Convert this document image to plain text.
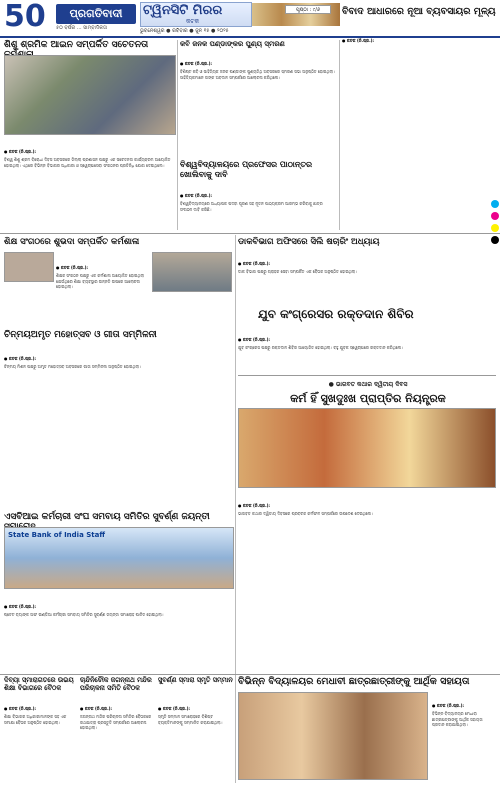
50	ପ୍ରଗତିବାଦୀ
୫୦ ବର୍ଷର ... ସାମ୍ବାଦିକତା
ଟ୍ୱିନସିଟି ମିରର
କଟକ
ପୃଷ୍ଠା : ୯/୬
ଭୁବନେଶ୍ୱର ● ରବିବାର ● ଜୁନ ୧୫ ● ୨୦୨୫
ବିବାଦ ଆଧାରରେ ନୂଆ ବ୍ୟବସାୟର ମୂଳ୍ୟ
ଶିଶୁ ଶ୍ରମିକ ଆଇନ ସମ୍ପର୍କିତ ସଚେତନତା
● କଟକ (ନି.ପ୍ର.):
ବିଶ୍ୱ ଶିଶୁ ଶ୍ରମ ବିରୋଧୀ ଦିବସ ଅବସରରେ ଜିଲ୍ଲା ପ୍ରଶାସନ ପକ୍ଷରୁ ଏକ ସଚେତନତା କାର୍ଯ୍ୟକ୍ରମ ଆୟୋଜିତ ହୋଇଥିଲା। ଏଥିରେ ବିଭିନ୍ନ ବିଭାଗର ଅଧିକାରୀ ଓ ସ୍ୱେଚ୍ଛାସେବୀ ସଂଗଠନର ପ୍ରତିନିଧି ଯୋଗ ଦେଇଥିଲେ।
କବି ଜନକ ପଣ୍ଡାଙ୍କର ପୁଣ୍ୟ ସ୍ମରଣ
● କଟକ (ନି.ପ୍ର.):
ବିଶିଷ୍ଟ କବି ଓ ସାହିତ୍ୟିକ ଜନକ ପଣ୍ଡାଙ୍କ ପୁଣ୍ୟତିଥି ଅବସରରେ ସ୍ମରଣ ସଭା ଅନୁଷ୍ଠିତ ହୋଇଥିଲା। ସାହିତ୍ୟିକମାନେ ତାଙ୍କ ଅବଦାନ ସମ୍ପର୍କରେ ଆଲୋଚନା କରିଥିଲେ।
ବିଶ୍ୱବିଦ୍ୟାଳୟରେ ପ୍ରଫେସର ପାଠାନ୍ତର ଖୋଲିବାକୁ ଦାବି
● କଟକ (ନି.ପ୍ର.):
ବିଶ୍ୱବିଦ୍ୟାଳୟରେ ଅଧ୍ୟାପକ ପଦବୀ ପୂରଣ ସହ ନୂତନ ପାଠ୍ୟକ୍ରମ ଆରମ୍ଭ କରିବାକୁ ଛାତ୍ର ସଂଗଠନ ଦାବି କରିଛି।
● କଟକ (ନି.ପ୍ର.):
ଶିକ୍ଷ ସଂଗଠରେ ଶୁଭଦା ସମ୍ପର୍କିତ କର୍ମଶାଳା
● କଟକ (ନି.ପ୍ର.):
ଶିକ୍ଷକ ସଂଗଠନ ପକ୍ଷରୁ ଏକ କର୍ମଶାଳା ଆୟୋଜିତ ହୋଇଥିଲା ଯେଉଁଥିରେ ଶିକ୍ଷା ବ୍ୟବସ୍ଥାର ଉନ୍ନତି ଉପରେ ଆଲୋଚନା ହୋଇଥିଲା।
ଡାକବିଭାଗ ଅଫିସରେ ସିଲି ଷଚାରିଂ ଅଧ୍ୟାୟ
● କଟକ (ନି.ପ୍ର.):
ଡାକ ବିଭାଗ ପକ୍ଷରୁ ଗ୍ରାହକ ସେବା ସମ୍ପର୍କିତ ଏକ ବୈଠକ ଅନୁଷ୍ଠିତ ହୋଇଥିଲା।
ଯୁବ କଂଗ୍ରେସର ରକ୍ତଦାନ ଶିବିର
● କଟକ (ନି.ପ୍ର.):
ଯୁବ କଂଗ୍ରେସ ପକ୍ଷରୁ ରକ୍ତଦାନ ଶିବିର ଆୟୋଜିତ ହୋଇଥିଲା। ବହୁ ଯୁବକ ସ୍ୱେଚ୍ଛାରେ ରକ୍ତଦାନ କରିଥିଲେ।
ଚିନ୍ମୟଅମୃତ ମହୋତ୍ସବ ଓ ଗୀତା ସମ୍ମିଳନୀ
● କଟକ (ନି.ପ୍ର.):
ଚିନ୍ମୟ ମିଶନ ପକ୍ଷରୁ ଅମୃତ ମହୋତ୍ସବ ଅବସରରେ ଗୀତା ସମ୍ମିଳନୀ ଅନୁଷ୍ଠିତ ହୋଇଥିଲା।
● ଭାଗବତ କଥାର ଦ୍ୱିତୀୟ ଦିବସ
କର୍ମ ହିଁ ସୁଖଦୁଃଖ ପ୍ରାପ୍ତିର ନିୟନ୍ତ୍ରକ
● କଟକ (ନି.ପ୍ର.):
ଭାଗବତ କଥାର ଦ୍ୱିତୀୟ ଦିବସରେ ପ୍ରବଚକ କର୍ମଫଳ ସମ୍ପର୍କରେ ଉପଦେଶ ଦେଇଥିଲେ।
ଏସବିଆଇ କର୍ମଚାରୀ ସଂଘ ସମବାୟ ସମିତିର ସୁବର୍ଣ୍ଣ ଜୟନ୍ତୀ
State Bank of India Staff
● କଟକ (ନି.ପ୍ର.):
ଷ୍ଟେଟ ବ୍ୟାଙ୍କ ଅଫ ଇଣ୍ଡିଆ କର୍ମଚାରୀ ସମବାୟ ସମିତିର ସୁବର୍ଣ୍ଣ ଜୟନ୍ତୀ ସମାରୋହ ପାଳିତ ହୋଇଥିଲା।
ଦିବ୍ୟା ସ୍ମାରାଗତରେ ଉଭୟ ଶିକ୍ଷା ବିଭାଗରେ ବୈଠକ
● କଟକ (ନି.ପ୍ର.):
ଶିକ୍ଷା ବିଭାଗର ଅଧିକାରୀମାନଙ୍କ ସହ ଏକ ସମୀକ୍ଷା ବୈଠକ ଅନୁଷ୍ଠିତ ହୋଇଥିଲା।
ଚାନ୍ଦିନିଚୌକ ଜଗନ୍ନାଥ ମନ୍ଦିର ପରିଚାଳନା ସମିତି ବୈଠକ
● କଟକ (ନି.ପ୍ର.):
ଜଗନ୍ନାଥ ମନ୍ଦିର ପରିଚାଳନା ସମିତିର ବୈଠକରେ ରଥଯାତ୍ରା ପ୍ରସ୍ତୁତି ସମ୍ପର୍କରେ ଆଲୋଚନା ହୋଇଥିଲା।
ସୁବର୍ଣ୍ଣ ସ୍ମାରା ସ୍ମୃତି ସମ୍ମାନ
● କଟକ (ନି.ପ୍ର.):
ସ୍ମୃତି ସମ୍ମାନ ସମାରୋହରେ ବିଶିଷ୍ଟ ବ୍ୟକ୍ତିମାନଙ୍କୁ ସମ୍ମାନିତ କରାଯାଇଥିଲା।
ବିଭିନ୍ନ ବିଦ୍ୟାଳୟର ମେଧାବୀ ଛାତ୍ରଛାତ୍ରୀଙ୍କୁ ଆର୍ଥିକ ସହାୟତା
● କଟକ (ନି.ପ୍ର.):
ବିଭିନ୍ନ ବିଦ୍ୟାଳୟର ମେଧାବୀ ଛାତ୍ରଛାତ୍ରୀଙ୍କୁ ଆର୍ଥିକ ସହାୟତା ପ୍ରଦାନ କରାଯାଇଥିଲା।
